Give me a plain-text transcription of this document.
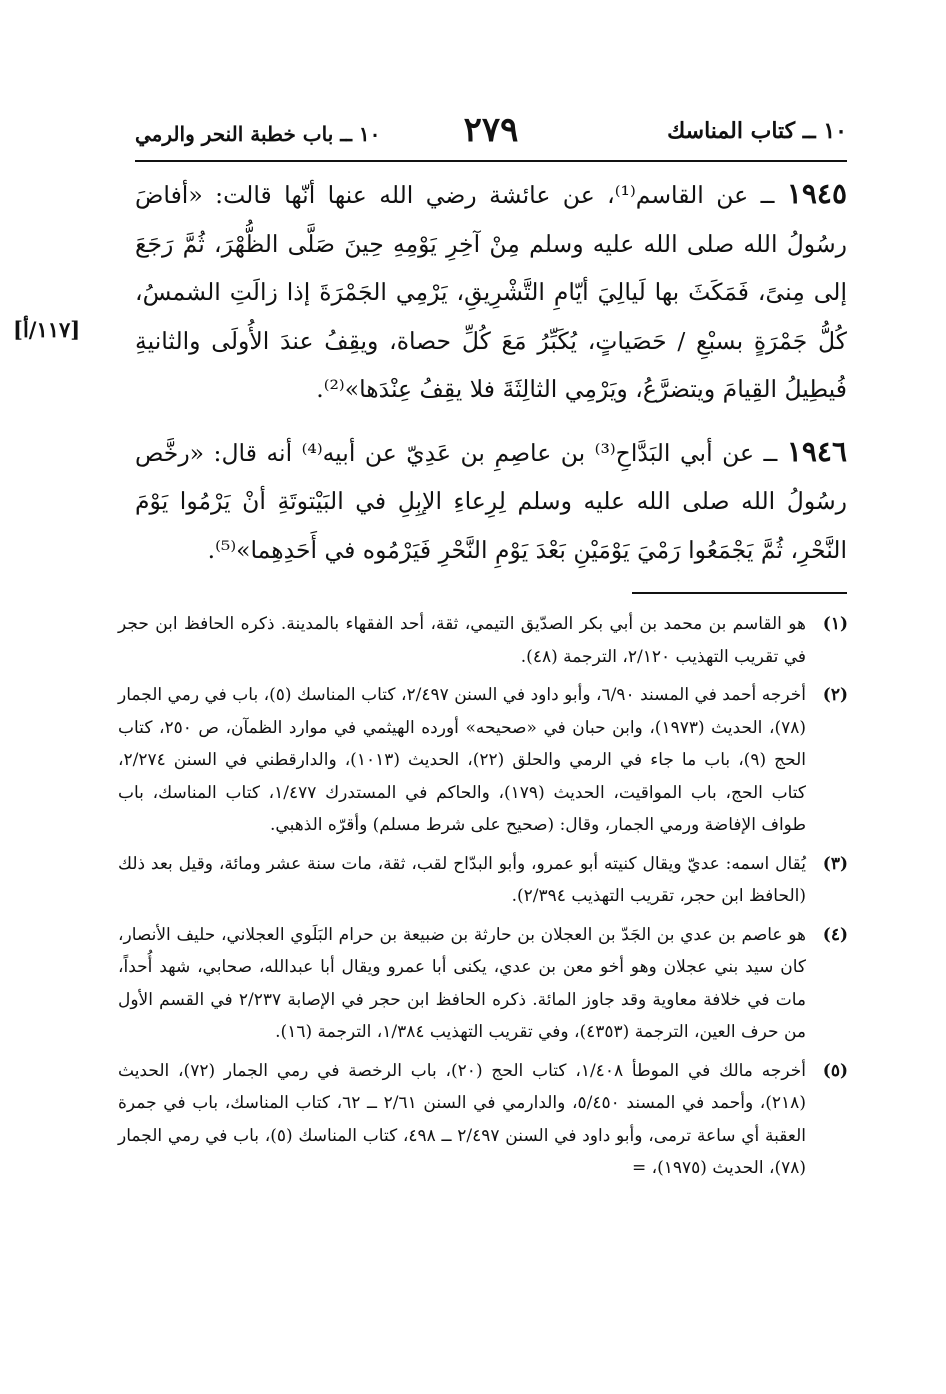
١٠ ــ كتاب المناسك
٢٧٩
١٠ ــ باب خطبة النحر والرمي
[١١٧/أ]

١٩٤٥ ــ عن القاسم⁽¹⁾، عن عائشة رضي الله عنها أنّها قالت: «أفاضَ رسُولُ الله صلى الله عليه وسلم مِنْ آخِرِ يَوْمِهِ حِينَ صَلَّى الظُّهْرَ، ثُمَّ رَجَعَ إلى مِنىً، فَمَكَثَ بها لَيالِيَ أيّامِ التَّشْرِيقِ، يَرْمِي الجَمْرَةَ إذا زالَتِ الشمسُ، كُلُّ جَمْرَةٍ بسبْعِ / حَصَياتٍ، يُكَبِّرُ مَعَ كُلِّ حصاة، ويقِفُ عندَ الأُولَى والثانيةِ فُيطِيلُ القِيامَ ويتضرَّعُ، ويَرْمِي الثالِثَةَ فلا يقِفُ عِنْدَها»⁽²⁾.

١٩٤٦ ــ عن أبي البَدَّاحِ⁽³⁾ بن عاصِمِ بن عَدِيّ عن أبيه⁽⁴⁾ أنه قال: «رخَّص رسُولُ الله صلى الله عليه وسلم لِرِعاءِ الإبِلِ في البَيْتوتَةِ أنْ يَرْمُوا يَوْمَ النَّحْرِ، ثُمَّ يَجْمَعُوا رَمْيَ يَوْمَيْنِ بَعْدَ يَوْمِ النَّحْرِ فَيَرْمُوه في أَحَدِهِما»⁽⁵⁾.

(١)
هو القاسم بن محمد بن أبي بكر الصدّيق التيمي، ثقة، أحد الفقهاء بالمدينة. ذكره الحافظ ابن حجر في تقريب التهذيب ٢/١٢٠، الترجمة (٤٨).

(٢)
أخرجه أحمد في المسند ٦/٩٠، وأبو داود في السنن ٢/٤٩٧، كتاب المناسك (٥)، باب في رمي الجمار (٧٨)، الحديث (١٩٧٣)، وابن حبان في «صحيحه» أورده الهيثمي في موارد الظمآن، ص ٢٥٠، كتاب الحج (٩)، باب ما جاء في الرمي والحلق (٢٢)، الحديث (١٠١٣)، والدارقطني في السنن ٢/٢٧٤، كتاب الحج، باب المواقيت، الحديث (١٧٩)، والحاكم في المستدرك ١/٤٧٧، كتاب المناسك، باب طواف الإفاضة ورمي الجمار، وقال: (صحيح على شرط مسلم) وأقرّه الذهبي.

(٣)
يُقال اسمه: عديّ ويقال كنيته أبو عمرو، وأبو البدّاح لقب، ثقة، مات سنة عشر ومائة، وقيل بعد ذلك (الحافظ ابن حجر، تقريب التهذيب ٢/٣٩٤).

(٤)
هو عاصم بن عدي بن الجَدّ بن العجلان بن حارثة بن ضبيعة بن حرام البَلَوي العجلاني، حليف الأنصار، كان سيد بني عجلان وهو أخو معن بن عدي، يكنى أبا عمرو ويقال أبا عبدالله، صحابي، شهد أُحداً، مات في خلافة معاوية وقد جاوز المائة. ذكره الحافظ ابن حجر في الإصابة ٢/٢٣٧ في القسم الأول من حرف العين، الترجمة (٤٣٥٣)، وفي تقريب التهذيب ١/٣٨٤، الترجمة (١٦).

(٥)
أخرجه مالك في الموطأ ١/٤٠٨، كتاب الحج (٢٠)، باب الرخصة في رمي الجمار (٧٢)، الحديث (٢١٨)، وأحمد في المسند ٥/٤٥٠، والدارمي في السنن ٢/٦١ ــ ٦٢، كتاب المناسك، باب في جمرة العقبة أي ساعة ترمى، وأبو داود في السنن ٢/٤٩٧ ــ ٤٩٨، كتاب المناسك (٥)، باب في رمي الجمار (٧٨)، الحديث (١٩٧٥)، =
